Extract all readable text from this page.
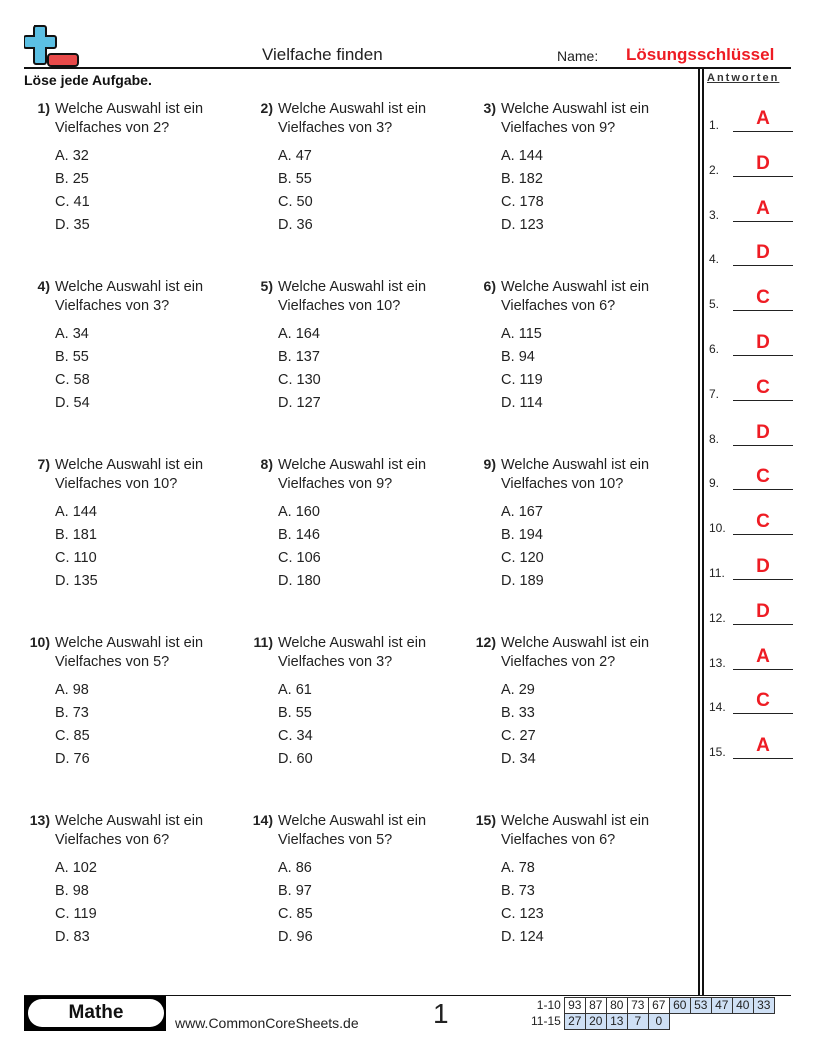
Vielfache finden	Name: Lösungsschlüssel
Löse jede Aufgabe.	Antworten
1.	A
2.	D
3.	A
4.	D
5.	C
6.	D
7.	C
8.	D
9.	C
10.	C
11.	D
12.	D
13.	A
14.	C
15.	A
1) Welche Auswahl ist ein Vielfaches von 2?
A. 32
B. 25
C. 41
D. 35
2) Welche Auswahl ist ein Vielfaches von 3?
A. 47
B. 55
C. 50
D. 36
3) Welche Auswahl ist ein Vielfaches von 9?
A. 144
B. 182
C. 178
D. 123
4) Welche Auswahl ist ein Vielfaches von 3?
A. 34
B. 55
C. 58
D. 54
5) Welche Auswahl ist ein Vielfaches von 10?
A. 164
B. 137
C. 130
D. 127
6) Welche Auswahl ist ein Vielfaches von 6?
A. 115
B. 94
C. 119
D. 114
7) Welche Auswahl ist ein Vielfaches von 10?
A. 144
B. 181
C. 110
D. 135
8) Welche Auswahl ist ein Vielfaches von 9?
A. 160
B. 146
C. 106
D. 180
9) Welche Auswahl ist ein Vielfaches von 10?
A. 167
B. 194
C. 120
D. 189
10) Welche Auswahl ist ein Vielfaches von 5?
A. 98
B. 73
C. 85
D. 76
11) Welche Auswahl ist ein Vielfaches von 3?
A. 61
B. 55
C. 34
D. 60
12) Welche Auswahl ist ein Vielfaches von 2?
A. 29
B. 33
C. 27
D. 34
13) Welche Auswahl ist ein Vielfaches von 6?
A. 102
B. 98
C. 119
D. 83
14) Welche Auswahl ist ein Vielfaches von 5?
A. 86
B. 97
C. 85
D. 96
15) Welche Auswahl ist ein Vielfaches von 6?
A. 78
B. 73
C. 123
D. 124
Mathe	www.CommonCoreSheets.de	1	1-10	93	87	80	73	67	60	53	47	40	33
11-15	27	20	13	7	0					
